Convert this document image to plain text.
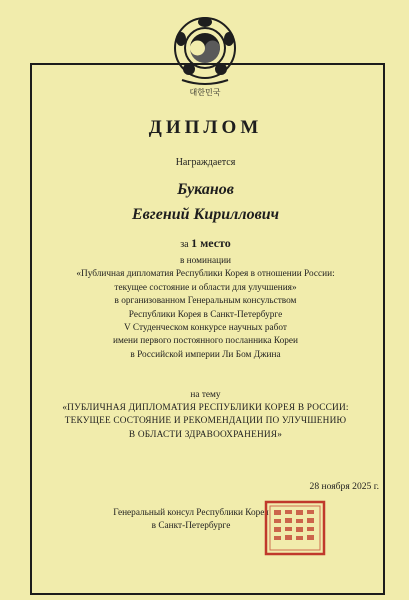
대한민국
ДИПЛОМ
Награждается
Буканов
Евгений Кириллович
за 1 место
в номинации
«Публичная дипломатия Республики Корея в отношении России:
текущее состояние и области для улучшения»
в организованном Генеральным консульством
Республики Корея в Санкт-Петербурге
V Студенческом конкурсе научных работ
имени первого постоянного посланника Кореи
в Российской империи Ли Бом Джина
на тему
«ПУБЛИЧНАЯ ДИПЛОМАТИЯ РЕСПУБЛИКИ КОРЕЯ В РОССИИ:
ТЕКУЩЕЕ СОСТОЯНИЕ И РЕКОМЕНДАЦИИ ПО УЛУЧШЕНИЮ
В ОБЛАСТИ ЗДРАВООХРАНЕНИЯ»
28 ноября 2025 г.
Генеральный консул Республики Корея
в Санкт-Петербурге
